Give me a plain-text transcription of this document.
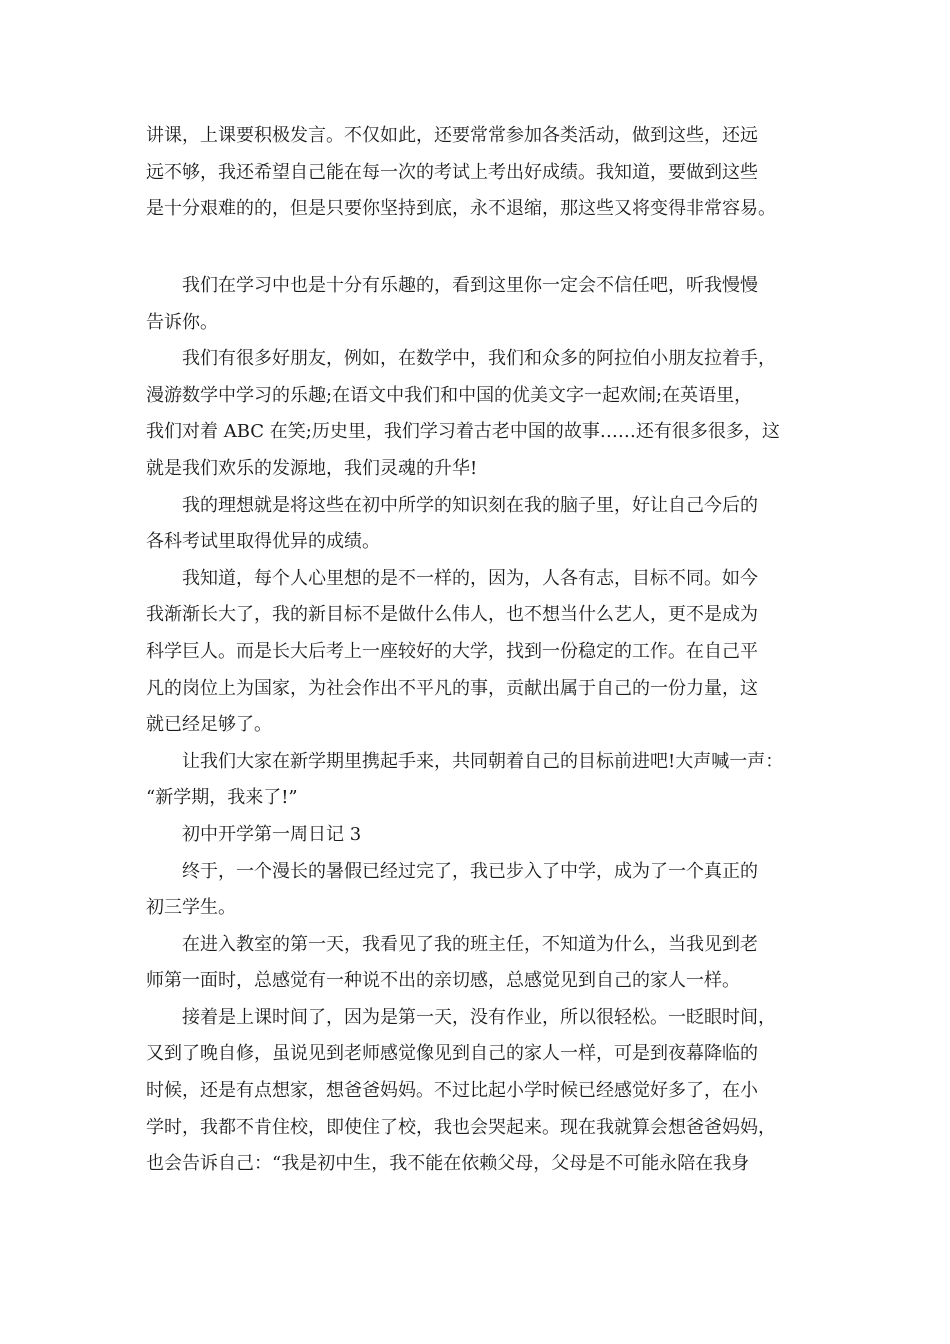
讲课，上课要积极发言。不仅如此，还要常常参加各类活动，做到这些，还远
远不够，我还希望自己能在每一次的考试上考出好成绩。我知道，要做到这些
是十分艰难的的，但是只要你坚持到底，永不退缩，那这些又将变得非常容易。
我们在学习中也是十分有乐趣的，看到这里你一定会不信任吧，听我慢慢
告诉你。
我们有很多好朋友，例如，在数学中，我们和众多的阿拉伯小朋友拉着手，
漫游数学中学习的乐趣;在语文中我们和中国的优美文字一起欢闹;在英语里，
我们对着 ABC 在笑;历史里，我们学习着古老中国的故事……还有很多很多，这
就是我们欢乐的发源地，我们灵魂的升华!
我的理想就是将这些在初中所学的知识刻在我的脑子里，好让自己今后的
各科考试里取得优异的成绩。
我知道，每个人心里想的是不一样的，因为，人各有志，目标不同。如今
我渐渐长大了，我的新目标不是做什么伟人，也不想当什么艺人，更不是成为
科学巨人。而是长大后考上一座较好的大学，找到一份稳定的工作。在自己平
凡的岗位上为国家，为社会作出不平凡的事，贡献出属于自己的一份力量，这
就已经足够了。
让我们大家在新学期里携起手来，共同朝着自己的目标前进吧!大声喊一声：
“新学期，我来了!”
初中开学第一周日记 3
终于，一个漫长的暑假已经过完了，我已步入了中学，成为了一个真正的
初三学生。
在进入教室的第一天，我看见了我的班主任，不知道为什么，当我见到老
师第一面时，总感觉有一种说不出的亲切感，总感觉见到自己的家人一样。
接着是上课时间了，因为是第一天，没有作业，所以很轻松。一眨眼时间，
又到了晚自修，虽说见到老师感觉像见到自己的家人一样，可是到夜幕降临的
时候，还是有点想家，想爸爸妈妈。不过比起小学时候已经感觉好多了，在小
学时，我都不肯住校，即使住了校，我也会哭起来。现在我就算会想爸爸妈妈，
也会告诉自己：“我是初中生，我不能在依赖父母，父母是不可能永陪在我身
